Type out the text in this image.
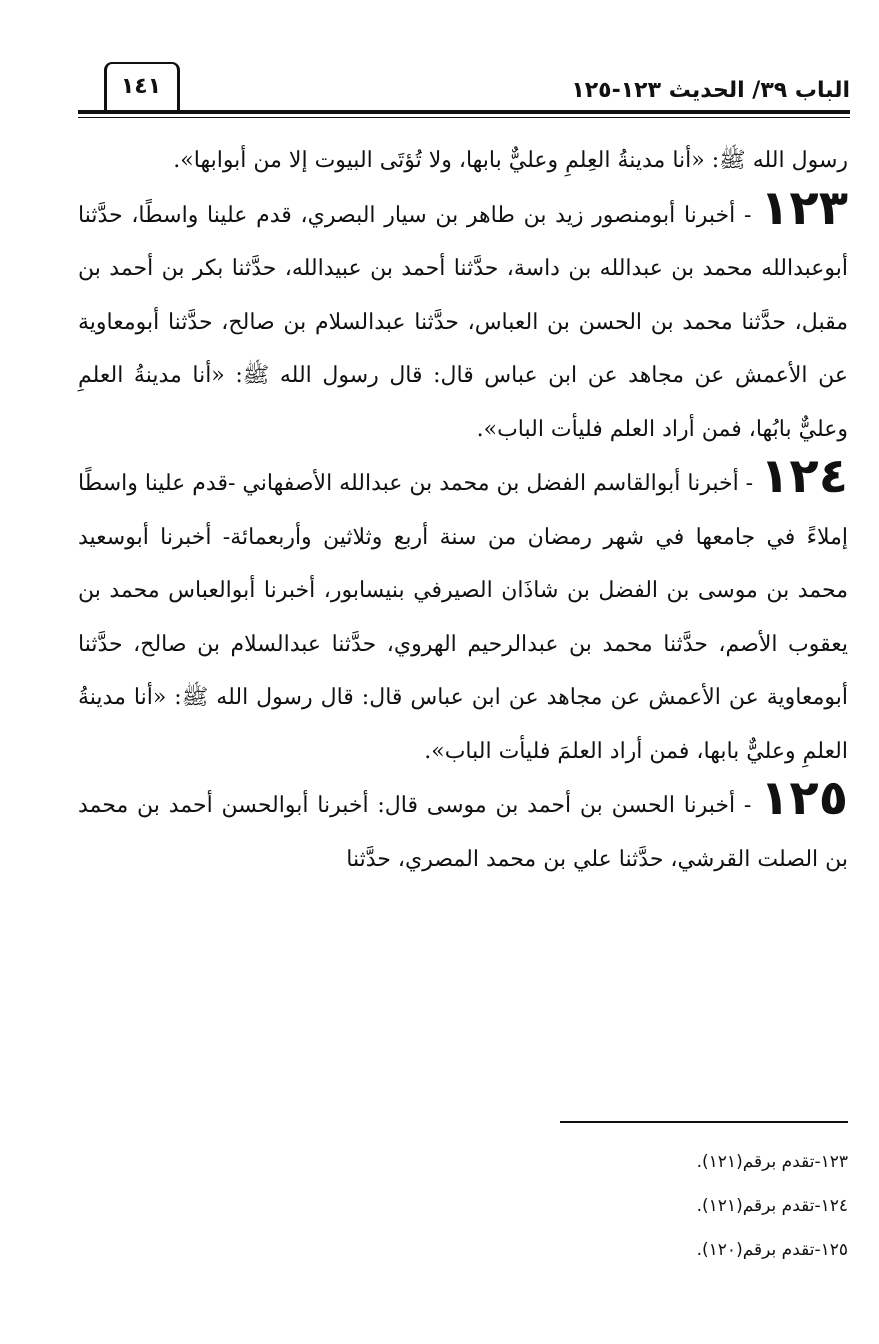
١٤١	الباب ٣٩/ الحديث ١٢٣-١٢٥

رسول الله ﷺ: «أنا مدينةُ العِلمِ وعليٌّ بابها، ولا تُؤتَى البيوت إلا من أبوابها».

١٢٣ - أخبرنا أبومنصور زيد بن طاهر بن سيار البصري، قدم علينا واسطًا، حدَّثنا أبوعبدالله محمد بن عبدالله بن داسة، حدَّثنا أحمد بن عبيدالله، حدَّثنا بكر بن أحمد بن مقبل، حدَّثنا محمد بن الحسن بن العباس، حدَّثنا عبدالسلام بن صالح، حدَّثنا أبومعاوية عن الأعمش عن مجاهد عن ابن عباس قال: قال رسول الله ﷺ: «أنا مدينةُ العلمِ وعليٌّ بابُها، فمن أراد العلم فليأت الباب».

١٢٤ - أخبرنا أبوالقاسم الفضل بن محمد بن عبدالله الأصفهاني -قدم علينا واسطًا إملاءً في جامعها في شهر رمضان من سنة أربع وثلاثين وأربعمائة- أخبرنا أبوسعيد محمد بن موسى بن الفضل بن شاذَان الصيرفي بنيسابور، أخبرنا أبوالعباس محمد بن يعقوب الأصم، حدَّثنا محمد بن عبدالرحيم الهروي، حدَّثنا عبدالسلام بن صالح، حدَّثنا أبومعاوية عن الأعمش عن مجاهد عن ابن عباس قال: قال رسول الله ﷺ: «أنا مدينةُ العلمِ وعليٌّ بابها، فمن أراد العلمَ فليأت الباب».

١٢٥ - أخبرنا الحسن بن أحمد بن موسى قال: أخبرنا أبوالحسن أحمد بن محمد بن الصلت القرشي، حدَّثنا علي بن محمد المصري، حدَّثنا

١٢٣-تقدم برقم(١٢١).
١٢٤-تقدم برقم(١٢١).
١٢٥-تقدم برقم(١٢٠).
